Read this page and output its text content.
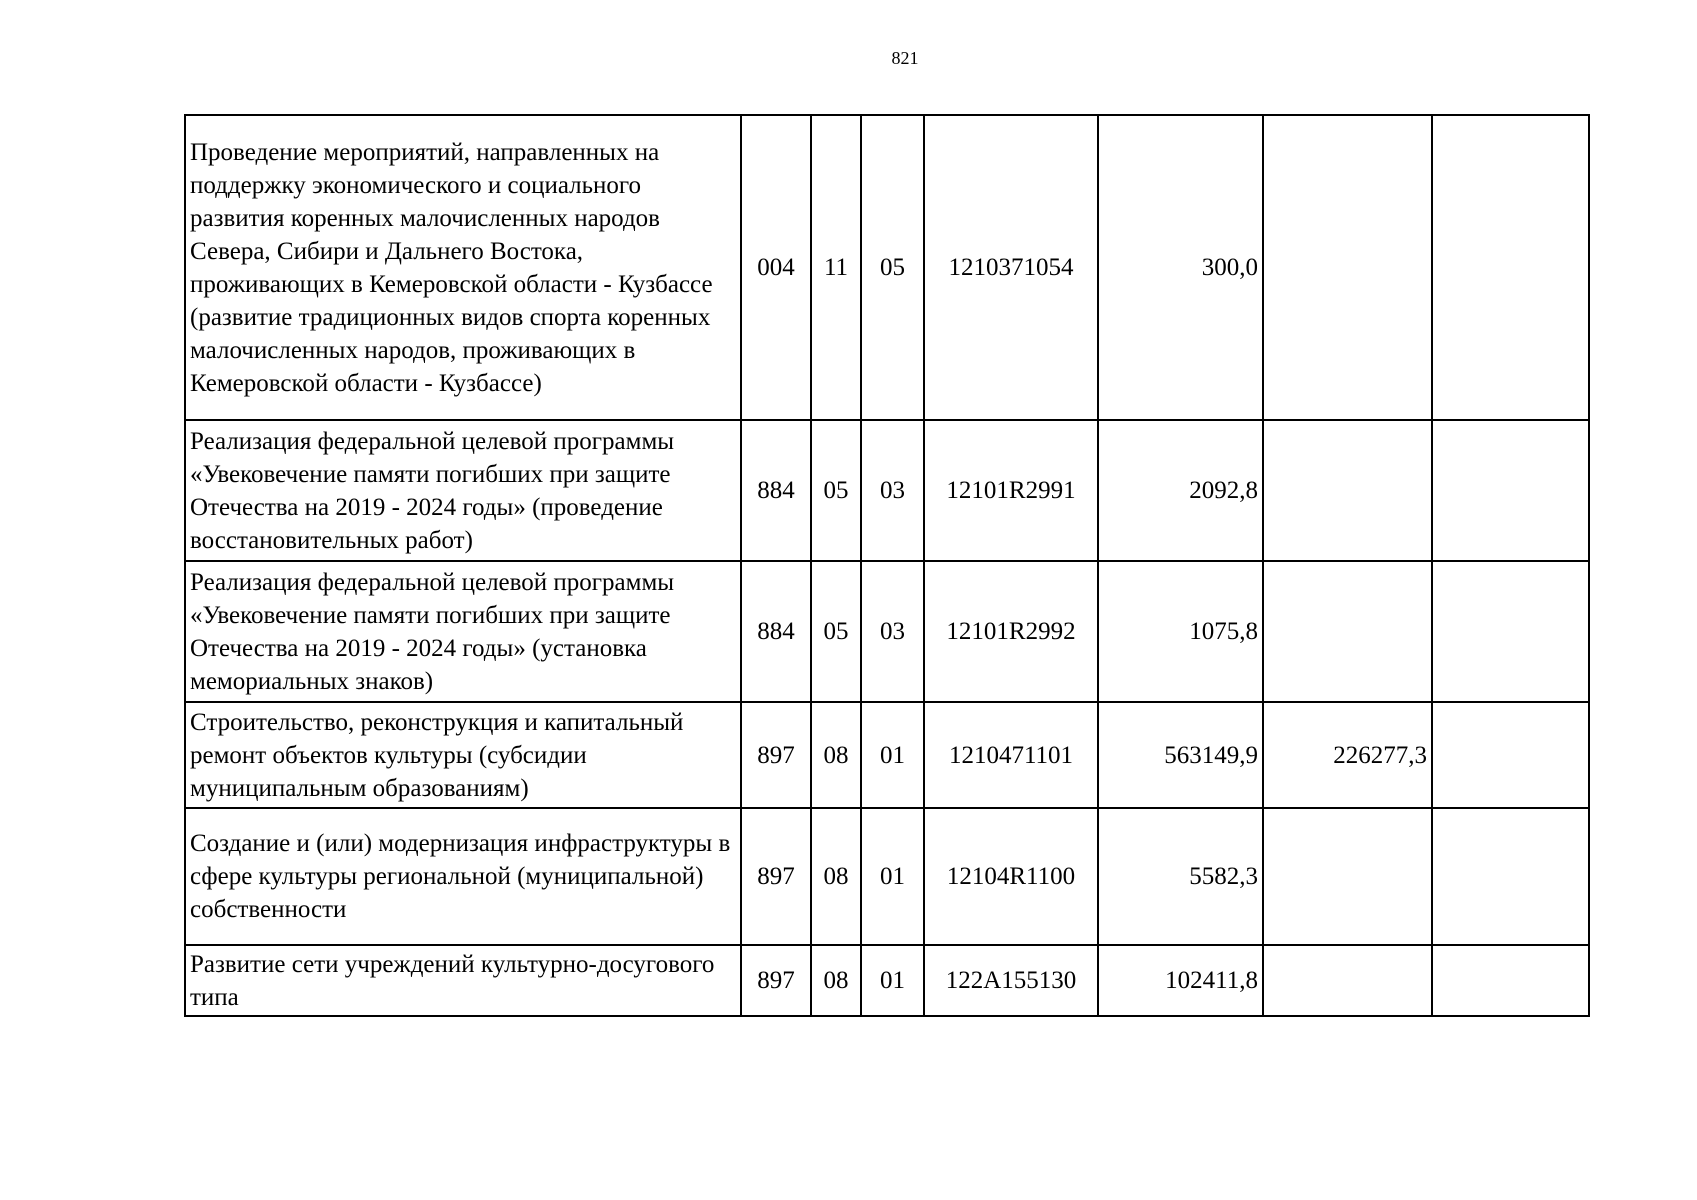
821
Проведение мероприятий, направленных на поддержку экономического и социального развития коренных малочисленных народов Севера, Сибири и Дальнего Востока, проживающих в Кемеровской области - Кузбассе (развитие традиционных видов спорта коренных малочисленных народов, проживающих в Кемеровской области - Кузбассе)	004	11	05	1210371054	300,0		
Реализация федеральной целевой программы «Увековечение памяти погибших при защите Отечества на 2019 - 2024 годы» (проведение восстановительных работ)	884	05	03	12101R2991	2092,8		
Реализация федеральной целевой программы «Увековечение памяти погибших при защите Отечества на 2019 - 2024 годы» (установка мемориальных знаков)	884	05	03	12101R2992	1075,8		
Строительство, реконструкция и капитальный ремонт объектов культуры (субсидии муниципальным образованиям)	897	08	01	1210471101	563149,9	226277,3	
Создание и (или) модернизация инфраструктуры в сфере культуры региональной (муниципальной) собственности	897	08	01	12104R1100	5582,3		
Развитие сети учреждений культурно-досугового типа	897	08	01	122A155130	102411,8		
